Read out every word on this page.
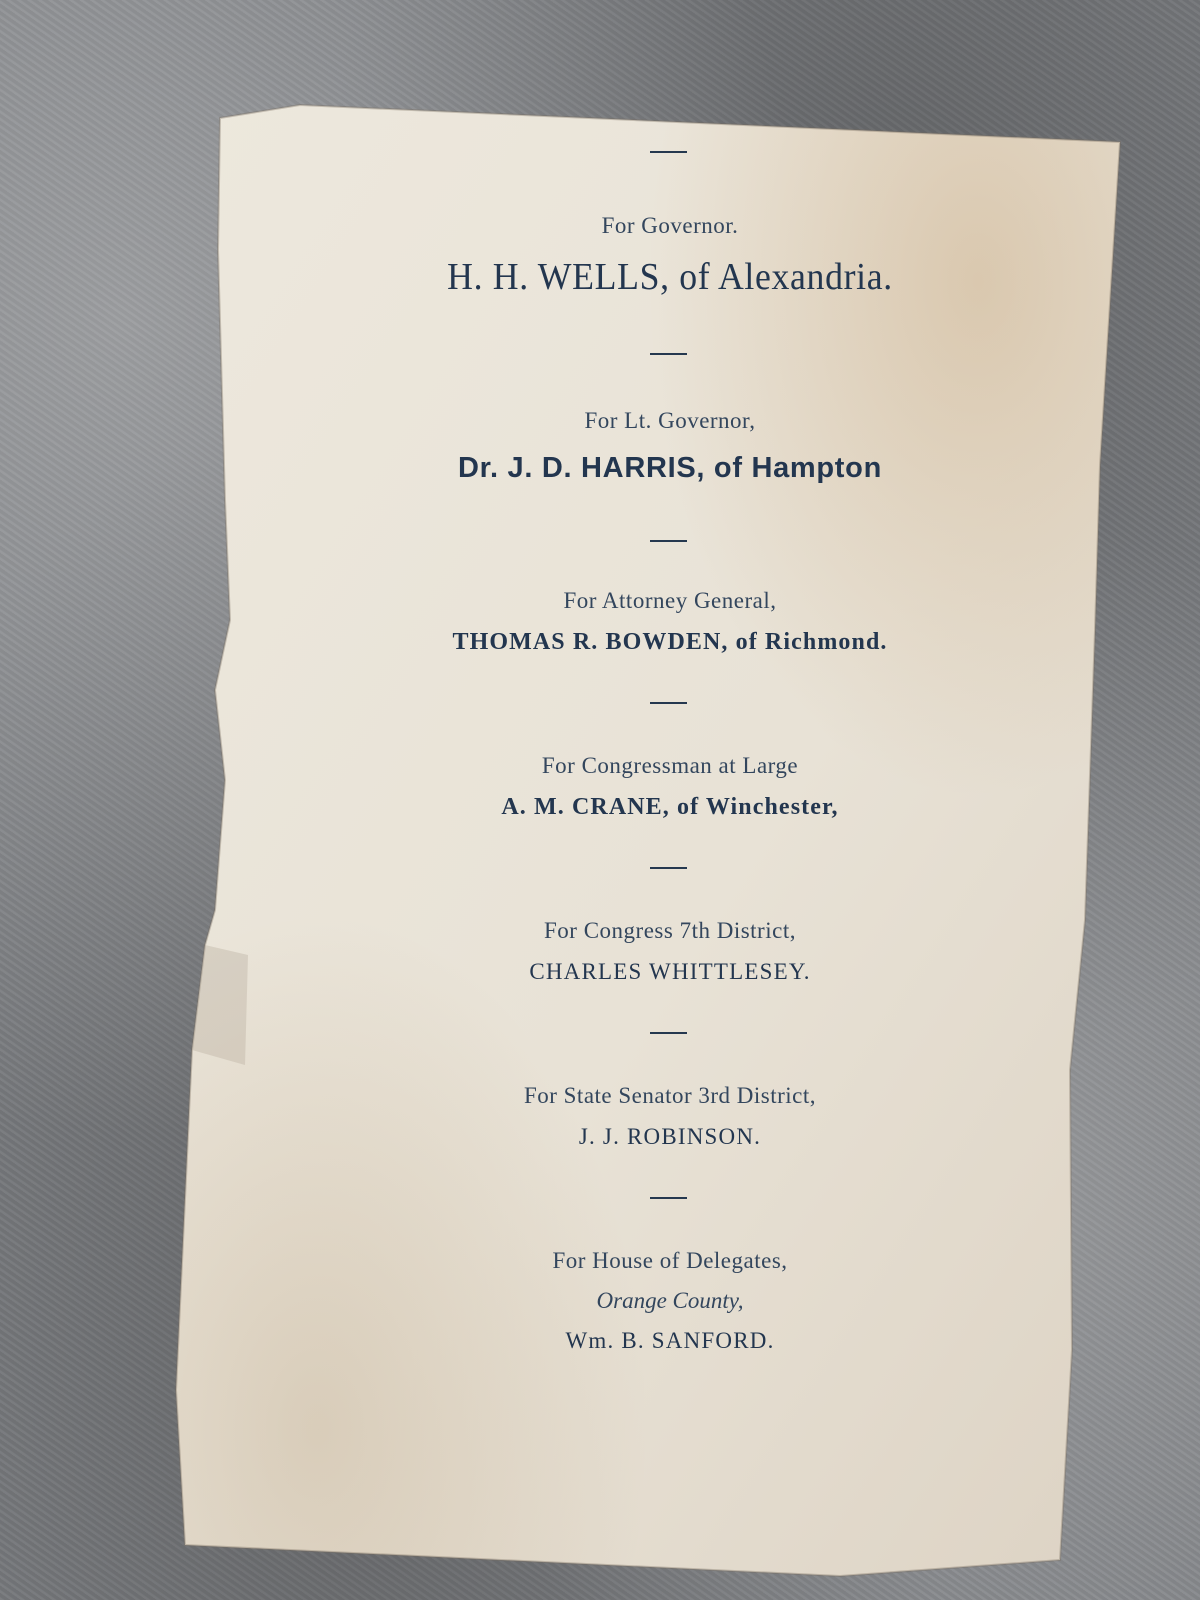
For Governor.
H. H. WELLS, of Alexandria.
For Lt. Governor,
Dr. J. D. HARRIS, of Hampton
For Attorney General,
THOMAS R. BOWDEN, of Richmond.
For Congressman at Large
A. M. CRANE, of Winchester,
For Congress 7th District,
CHARLES WHITTLESEY.
For State Senator 3rd District,
J. J. ROBINSON.
For House of Delegates,
Orange County,
Wm. B. SANFORD.
